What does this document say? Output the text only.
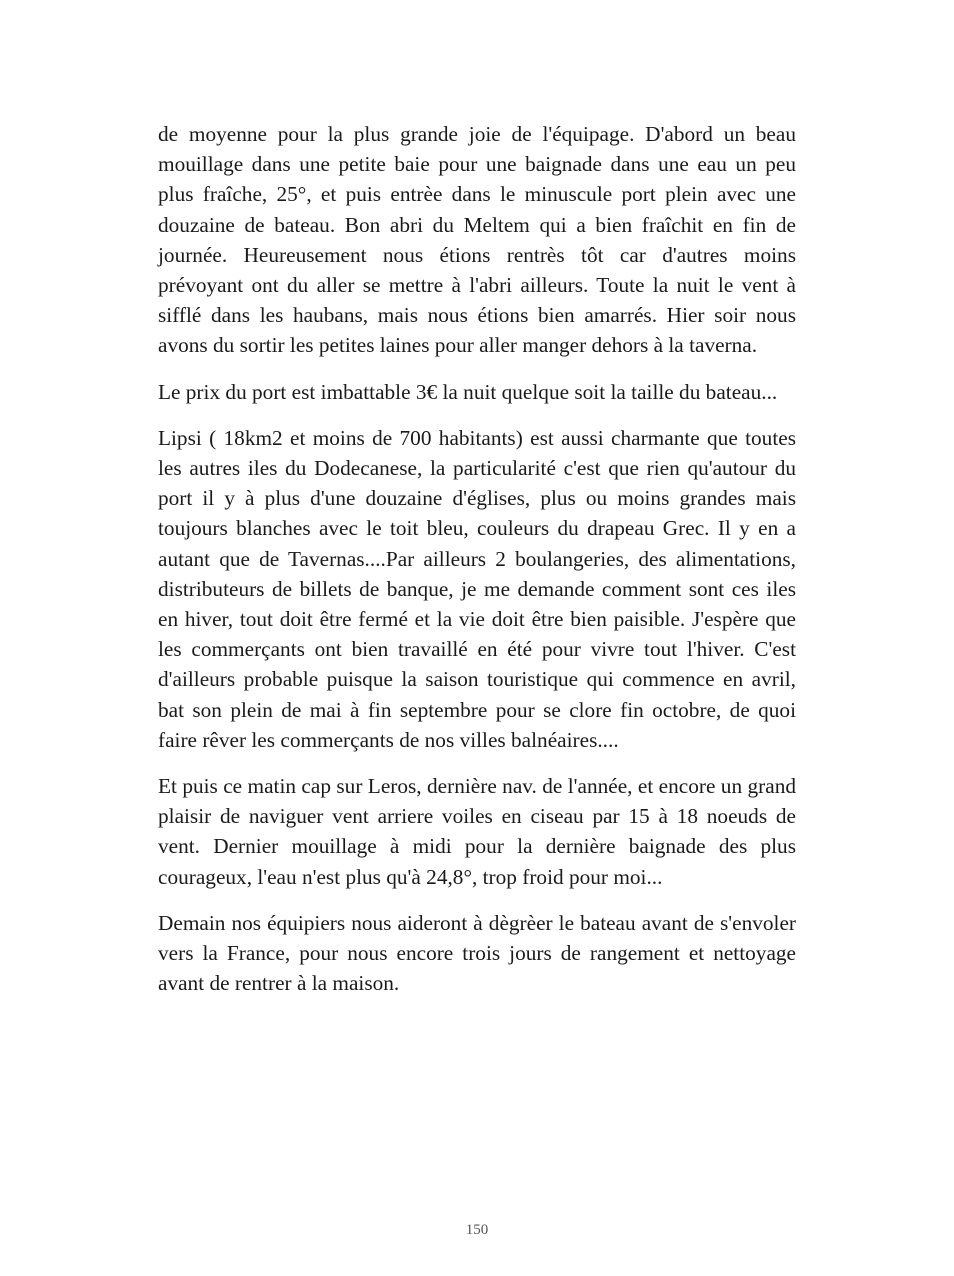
de moyenne pour la plus grande joie de l'équipage. D'abord un beau mouillage dans une petite baie pour une baignade dans une eau un peu plus fraîche, 25°, et puis entrèe dans le minuscule port plein avec une douzaine de bateau. Bon abri du Meltem qui a bien fraîchit en fin de journée. Heureusement nous étions rentrès tôt car d'autres moins prévoyant ont du aller se mettre à l'abri ailleurs. Toute la nuit le vent à sifflé dans les haubans, mais nous étions bien amarrés. Hier soir nous avons du sortir les petites laines pour aller manger dehors à la taverna.

Le prix du port est imbattable 3€ la nuit quelque soit la taille du bateau...

Lipsi ( 18km2 et moins de 700 habitants) est aussi charmante que toutes les autres iles du Dodecanese, la particularité c'est que rien qu'autour du port il y à plus d'une douzaine d'églises, plus ou moins grandes mais toujours blanches avec le toit bleu, couleurs du drapeau Grec. Il y en a autant que de Tavernas....Par ailleurs 2 boulangeries, des alimentations, distributeurs de billets de banque, je me demande comment sont ces iles en hiver, tout doit être fermé et la vie doit être bien paisible. J'espère que les commerçants ont bien travaillé en été pour vivre tout l'hiver. C'est d'ailleurs probable puisque la saison touristique qui commence en avril, bat son plein de mai à fin septembre pour se clore fin octobre, de quoi faire rêver les commerçants de nos villes balnéaires....

Et puis ce matin cap sur Leros, dernière nav. de l'année, et encore un grand plaisir de naviguer vent arriere voiles en ciseau par 15 à 18 noeuds de vent. Dernier mouillage à midi pour la dernière baignade des plus courageux, l'eau n'est plus qu'à 24,8°, trop froid pour moi...

Demain nos équipiers nous aideront à dègrèer le bateau avant de s'envoler vers la France, pour nous encore trois jours de rangement et nettoyage avant de rentrer à la maison.

150
